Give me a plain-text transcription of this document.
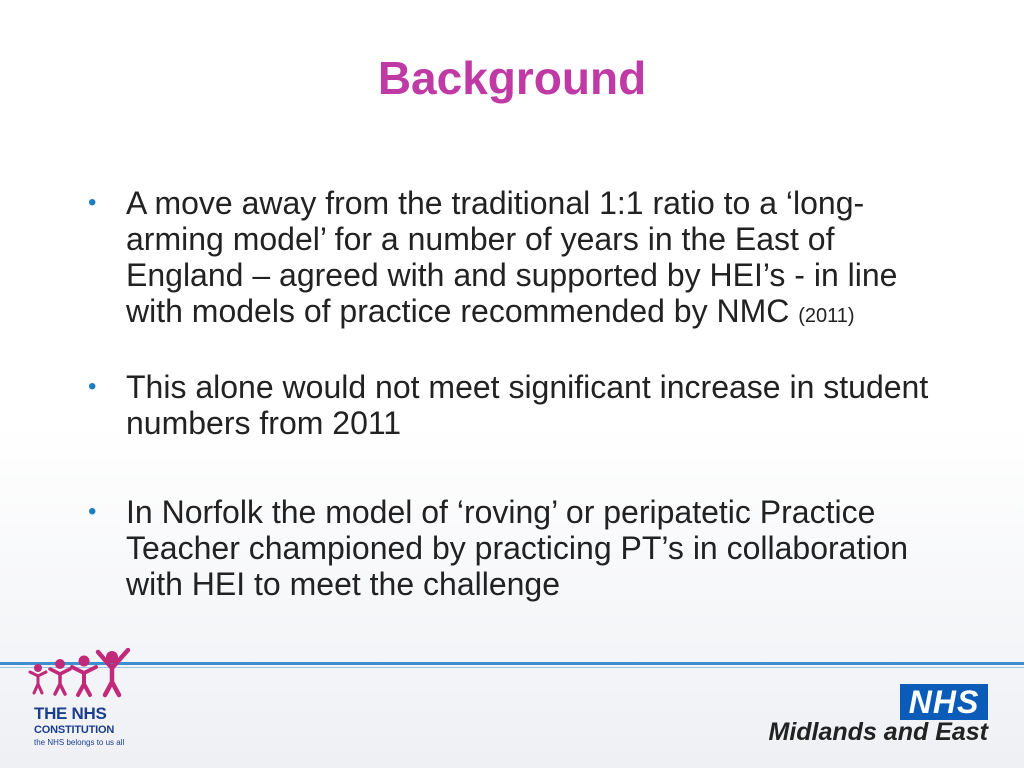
Background
• A move away from the traditional 1:1 ratio to a ‘long-arming model’ for a number of years in the East of England – agreed with and supported by HEI’s - in line with models of practice recommended by NMC (2011)
• This alone would not meet significant increase in student numbers from 2011
• In Norfolk the model of ‘roving’ or peripatetic Practice Teacher championed by practicing PT’s in collaboration with HEI to meet the challenge
THE NHS
CONSTITUTION
the NHS belongs to us all
NHS
Midlands and East
